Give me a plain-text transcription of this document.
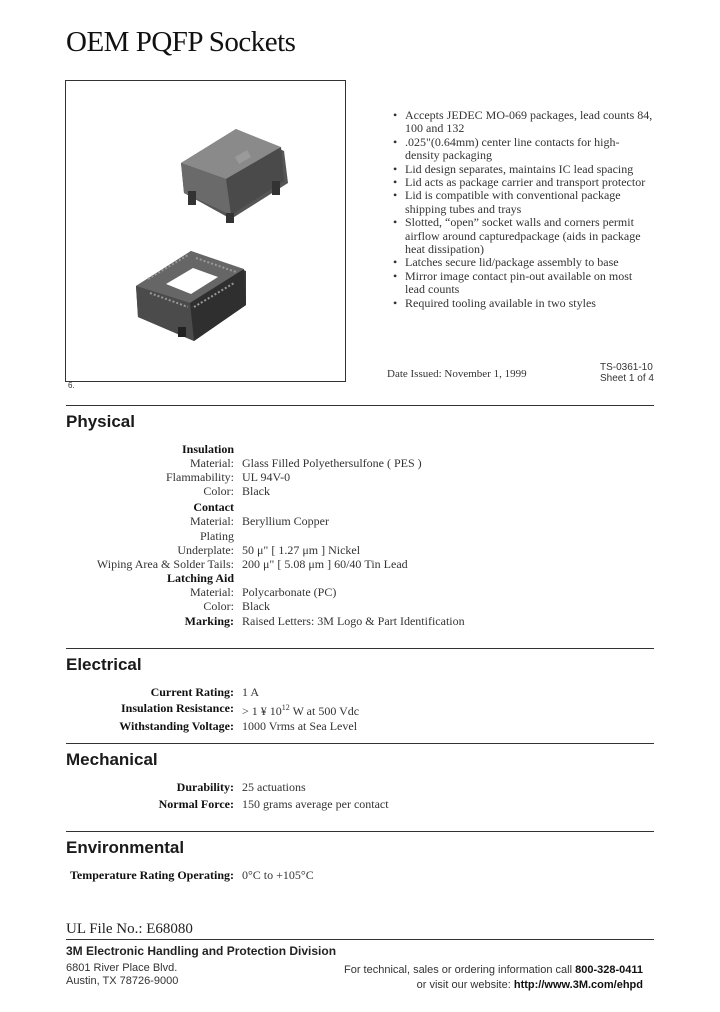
OEM PQFP Sockets
6.
• Accepts JEDEC MO-069 packages, lead counts 84, 100 and 132
• .025"(0.64mm) center line contacts for high-density packaging
• Lid design separates, maintains IC lead spacing
• Lid acts as package carrier and transport protector
• Lid is compatible with conventional package shipping tubes and trays
• Slotted, “open” socket walls and corners permit airflow around capturedpackage (aids in package heat dissipation)
• Latches secure lid/package assembly to base
• Mirror image contact pin-out available on most lead counts
• Required tooling available in two styles
Date Issued: November 1, 1999
TS-0361-10
Sheet 1 of 4
Physical
Insulation
Material: Glass Filled Polyethersulfone ( PES )
Flammability: UL 94V-0
Color: Black
Contact
Material: Beryllium Copper
Plating
Underplate: 50 μ" [ 1.27 μm ] Nickel
Wiping Area & Solder Tails: 200 μ" [ 5.08 μm ] 60/40 Tin Lead
Latching Aid
Material: Polycarbonate (PC)
Color: Black
Marking: Raised Letters: 3M Logo & Part Identification
Electrical
Current Rating: 1 A
Insulation Resistance: > 1 ¥ $10^{12}$ W at 500 Vdc
Withstanding Voltage: 1000 Vrms at Sea Level
Mechanical
Durability: 25 actuations
Normal Force: 150 grams average per contact
Environmental
Temperature Rating Operating: 0°C to +105°C
UL File No.: E68080
3M Electronic Handling and Protection Division
6801 River Place Blvd.
Austin, TX 78726-9000
For technical, sales or ordering information call 800-328-0411
or visit our website: http://www.3M.com/ehpd
